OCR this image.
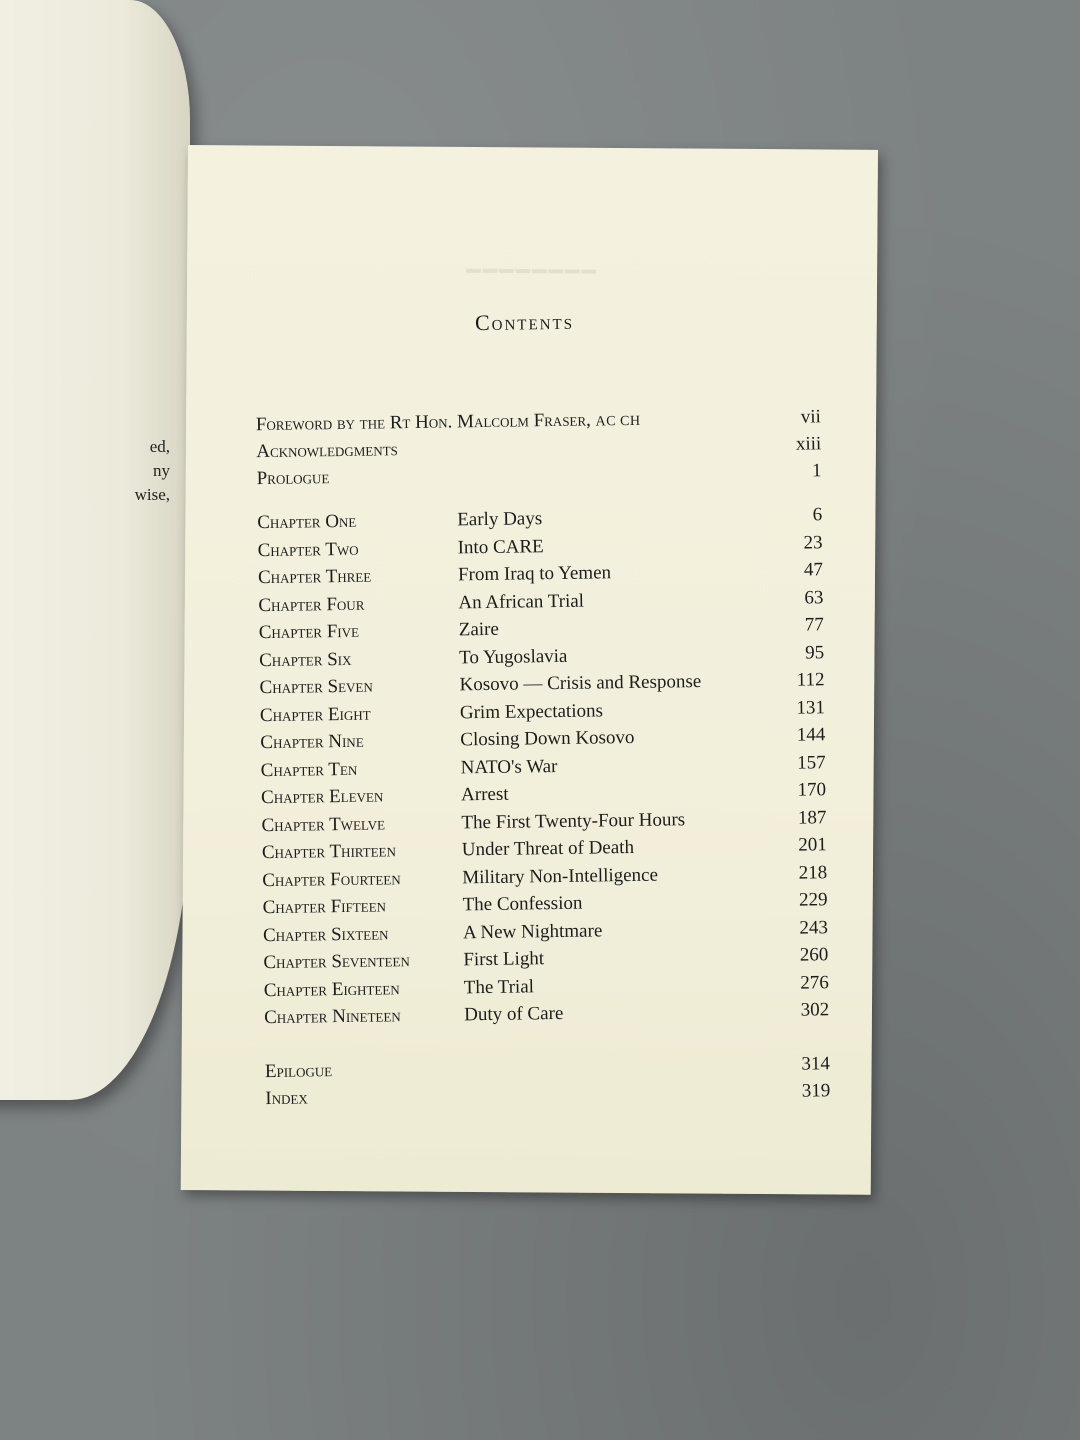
ed,
ny
wise,
━━━━━━━━
Contents
Foreword by the Rt Hon. Malcolm Fraser, AC CH	vii
Acknowledgments	xiii
Prologue	1
Chapter One	Early Days	6
Chapter Two	Into CARE	23
Chapter Three	From Iraq to Yemen	47
Chapter Four	An African Trial	63
Chapter Five	Zaire	77
Chapter Six	To Yugoslavia	95
Chapter Seven	Kosovo — Crisis and Response	112
Chapter Eight	Grim Expectations	131
Chapter Nine	Closing Down Kosovo	144
Chapter Ten	NATO's War	157
Chapter Eleven	Arrest	170
Chapter Twelve	The First Twenty-Four Hours	187
Chapter Thirteen	Under Threat of Death	201
Chapter Fourteen	Military Non-Intelligence	218
Chapter Fifteen	The Confession	229
Chapter Sixteen	A New Nightmare	243
Chapter Seventeen	First Light	260
Chapter Eighteen	The Trial	276
Chapter Nineteen	Duty of Care	302
Epilogue	314
Index	319
